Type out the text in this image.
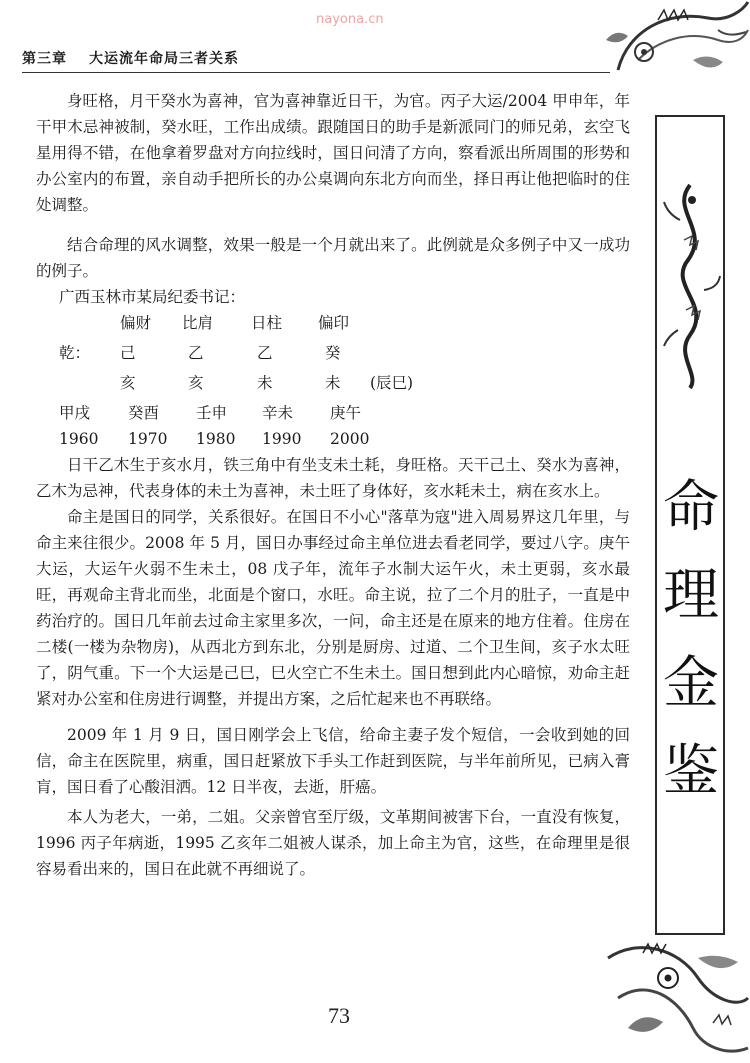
第三章 大运流年命局三者关系
nayona.cn
命
理
金
鉴
身旺格，月干癸水为喜神，官为喜神靠近日干，为官。丙子大运/2004 甲申年，年干甲木忌神被制，癸水旺，工作出成绩。跟随国日的助手是新派同门的师兄弟，玄空飞星用得不错，在他拿着罗盘对方向拉线时，国日问清了方向，察看派出所周围的形势和办公室内的布置，亲自动手把所长的办公桌调向东北方向而坐，择日再让他把临时的住处调整。
结合命理的风水调整，效果一般是一个月就出来了。此例就是众多例子中又一成功的例子。
广西玉林市某局纪委书记：
偏财 比肩 日柱 偏印
乾： 己	乙	乙	癸
亥	亥	未	未 (辰巳)
甲戌 癸酉 壬申 辛未 庚午
1960 1970 1980 1990 2000
日干乙木生于亥水月，铁三角中有坐支未土耗，身旺格。天干己土、癸水为喜神，乙木为忌神，代表身体的未土为喜神，未土旺了身体好，亥水耗未土，病在亥水上。
命主是国日的同学，关系很好。在国日不小心"落草为寇"进入周易界这几年里，与命主来往很少。2008 年 5 月，国日办事经过命主单位进去看老同学，要过八字。庚午大运，大运午火弱不生未土，08 戊子年，流年子水制大运午火，未土更弱，亥水最旺，再观命主背北而坐，北面是个窗口，水旺。命主说，拉了二个月的肚子，一直是中药治疗的。国日几年前去过命主家里多次，一问，命主还是在原来的地方住着。住房在二楼(一楼为杂物房)，从西北方到东北，分别是厨房、过道、二个卫生间，亥子水太旺了，阴气重。下一个大运是己巳，巳火空亡不生未土。国日想到此内心暗惊，劝命主赶紧对办公室和住房进行调整，并提出方案，之后忙起来也不再联络。
2009 年 1 月 9 日，国日刚学会上飞信，给命主妻子发个短信，一会收到她的回信，命主在医院里，病重，国日赶紧放下手头工作赶到医院，与半年前所见，已病入膏肓，国日看了心酸泪洒。12 日半夜，去逝，肝癌。
本人为老大，一弟，二姐。父亲曾官至厅级，文革期间被害下台，一直没有恢复，1996 丙子年病逝，1995 乙亥年二姐被人谋杀，加上命主为官，这些，在命理里是很容易看出来的，国日在此就不再细说了。
73
